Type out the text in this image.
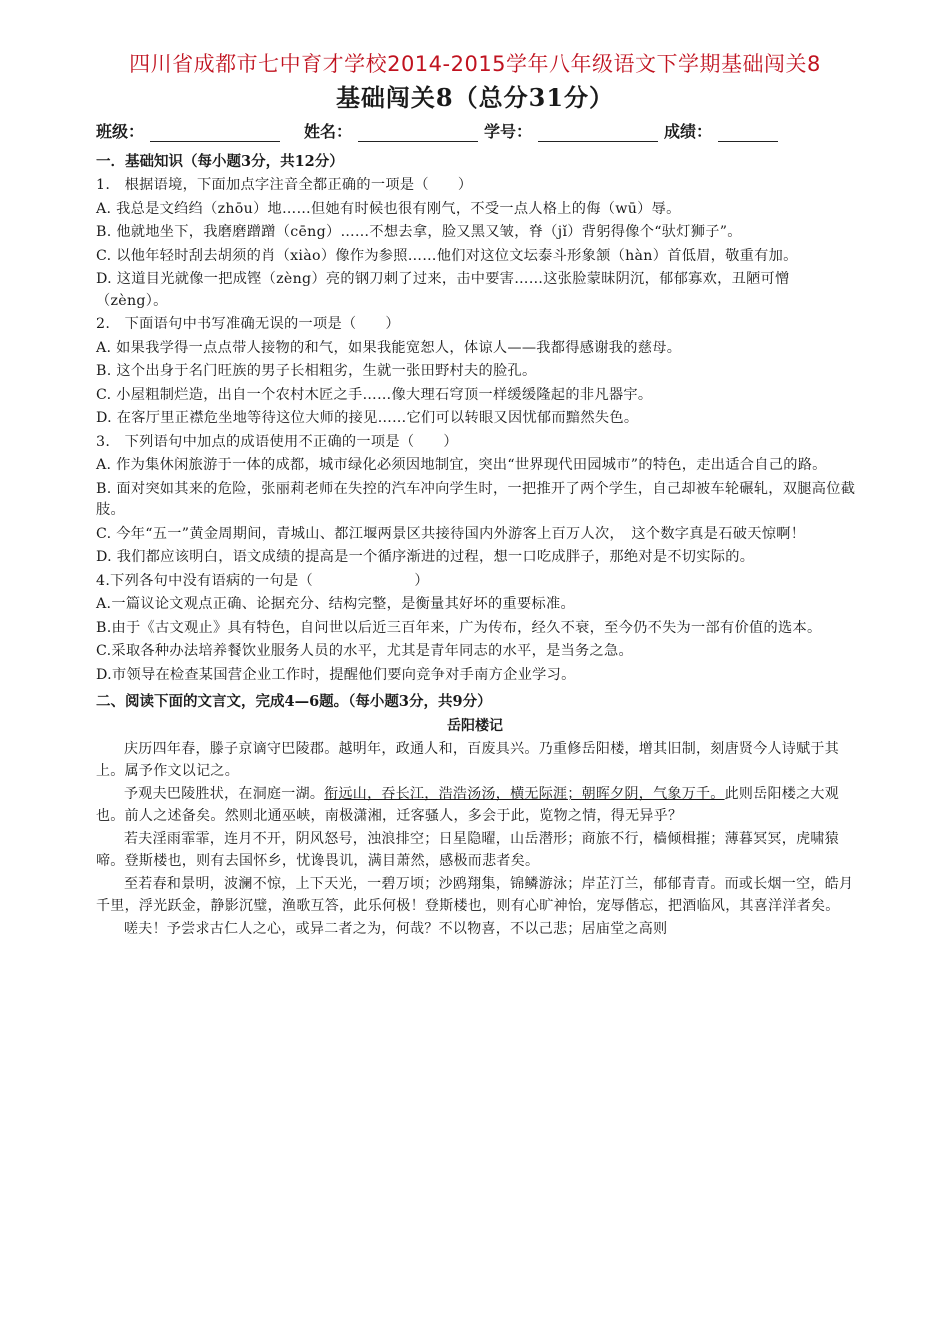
四川省成都市七中育才学校2014-2015学年八年级语文下学期基础闯关8
基础闯关8（总分31分）
班级：	姓名：	学号：	成绩：
一．基础知识（每小题3分，共12分）
1.　根据语境，下面加点字注音全都正确的一项是（　　）
A. 我总是文绉绉（zhōu）地……但她有时候也很有刚气，不受一点人格上的侮（wū）辱。
B. 他就地坐下，我磨磨蹭蹭（cēng）……不想去拿，脸又黑又皱，脊（jǐ）背躬得像个“驮灯狮子”。
C. 以他年轻时刮去胡须的肖（xiào）像作为参照……他们对这位文坛泰斗形象颔（hàn）首低眉，敬重有加。
D. 这道目光就像一把成铿（zèng）亮的钢刀刺了过来，击中要害……这张脸蒙昧阴沉，郁郁寡欢，丑陋可憎（zèng）。
2.　下面语句中书写准确无误的一项是（　　）
A. 如果我学得一点点带人接物的和气，如果我能宽恕人，体谅人——我都得感谢我的慈母。
B. 这个出身于名门旺族的男子长相粗劣，生就一张田野村夫的脸孔。
C. 小屋粗制烂造，出自一个农村木匠之手……像大理石穹顶一样缓缓隆起的非凡器宇。
D. 在客厅里正襟危坐地等待这位大师的接见……它们可以转眼又因忧郁而黯然失色。
3.　下列语句中加点的成语使用不正确的一项是（　　）
A. 作为集休闲旅游于一体的成都，城市绿化必须因地制宜，突出“世界现代田园城市”的特色，走出适合自己的路。
B. 面对突如其来的危险，张丽莉老师在失控的汽车冲向学生时，一把推开了两个学生，自己却被车轮碾轧，双腿高位截肢。
C. 今年“五一”黄金周期间，青城山、都江堰两景区共接待国内外游客上百万人次，　这个数字真是石破天惊啊！
D. 我们都应该明白，语文成绩的提高是一个循序渐进的过程，想一口吃成胖子，那绝对是不切实际的。
4.下列各句中没有语病的一句是（　　　　　　　）
A.一篇议论文观点正确、论据充分、结构完整，是衡量其好坏的重要标准。
B.由于《古文观止》具有特色，自问世以后近三百年来，广为传布，经久不衰，至今仍不失为一部有价值的选本。
C.采取各种办法培养餐饮业服务人员的水平，尤其是青年同志的水平，是当务之急。
D.市领导在检查某国营企业工作时，提醒他们要向竞争对手南方企业学习。
二、阅读下面的文言文，完成4—6题。（每小题3分，共9分）
岳阳楼记
庆历四年春，滕子京谪守巴陵郡。越明年，政通人和，百废具兴。乃重修岳阳楼，增其旧制，刻唐贤今人诗赋于其上。属予作文以记之。
予观夫巴陵胜状，在洞庭一湖。衔远山，吞长江，浩浩汤汤，横无际涯；朝晖夕阴，气象万千。此则岳阳楼之大观也。前人之述备矣。然则北通巫峡，南极潇湘，迁客骚人，多会于此，览物之情，得无异乎？
若夫淫雨霏霏，连月不开，阴风怒号，浊浪排空；日星隐曜，山岳潜形；商旅不行，樯倾楫摧；薄暮冥冥，虎啸猿啼。登斯楼也，则有去国怀乡，忧谗畏讥，满目萧然，感极而悲者矣。
至若春和景明，波澜不惊，上下天光，一碧万顷；沙鸥翔集，锦鳞游泳；岸芷汀兰，郁郁青青。而或长烟一空，皓月千里，浮光跃金，静影沉璧，渔歌互答，此乐何极！登斯楼也，则有心旷神怡，宠辱偕忘，把酒临风，其喜洋洋者矣。
嗟夫！予尝求古仁人之心，或异二者之为，何哉？不以物喜，不以己悲；居庙堂之高则
